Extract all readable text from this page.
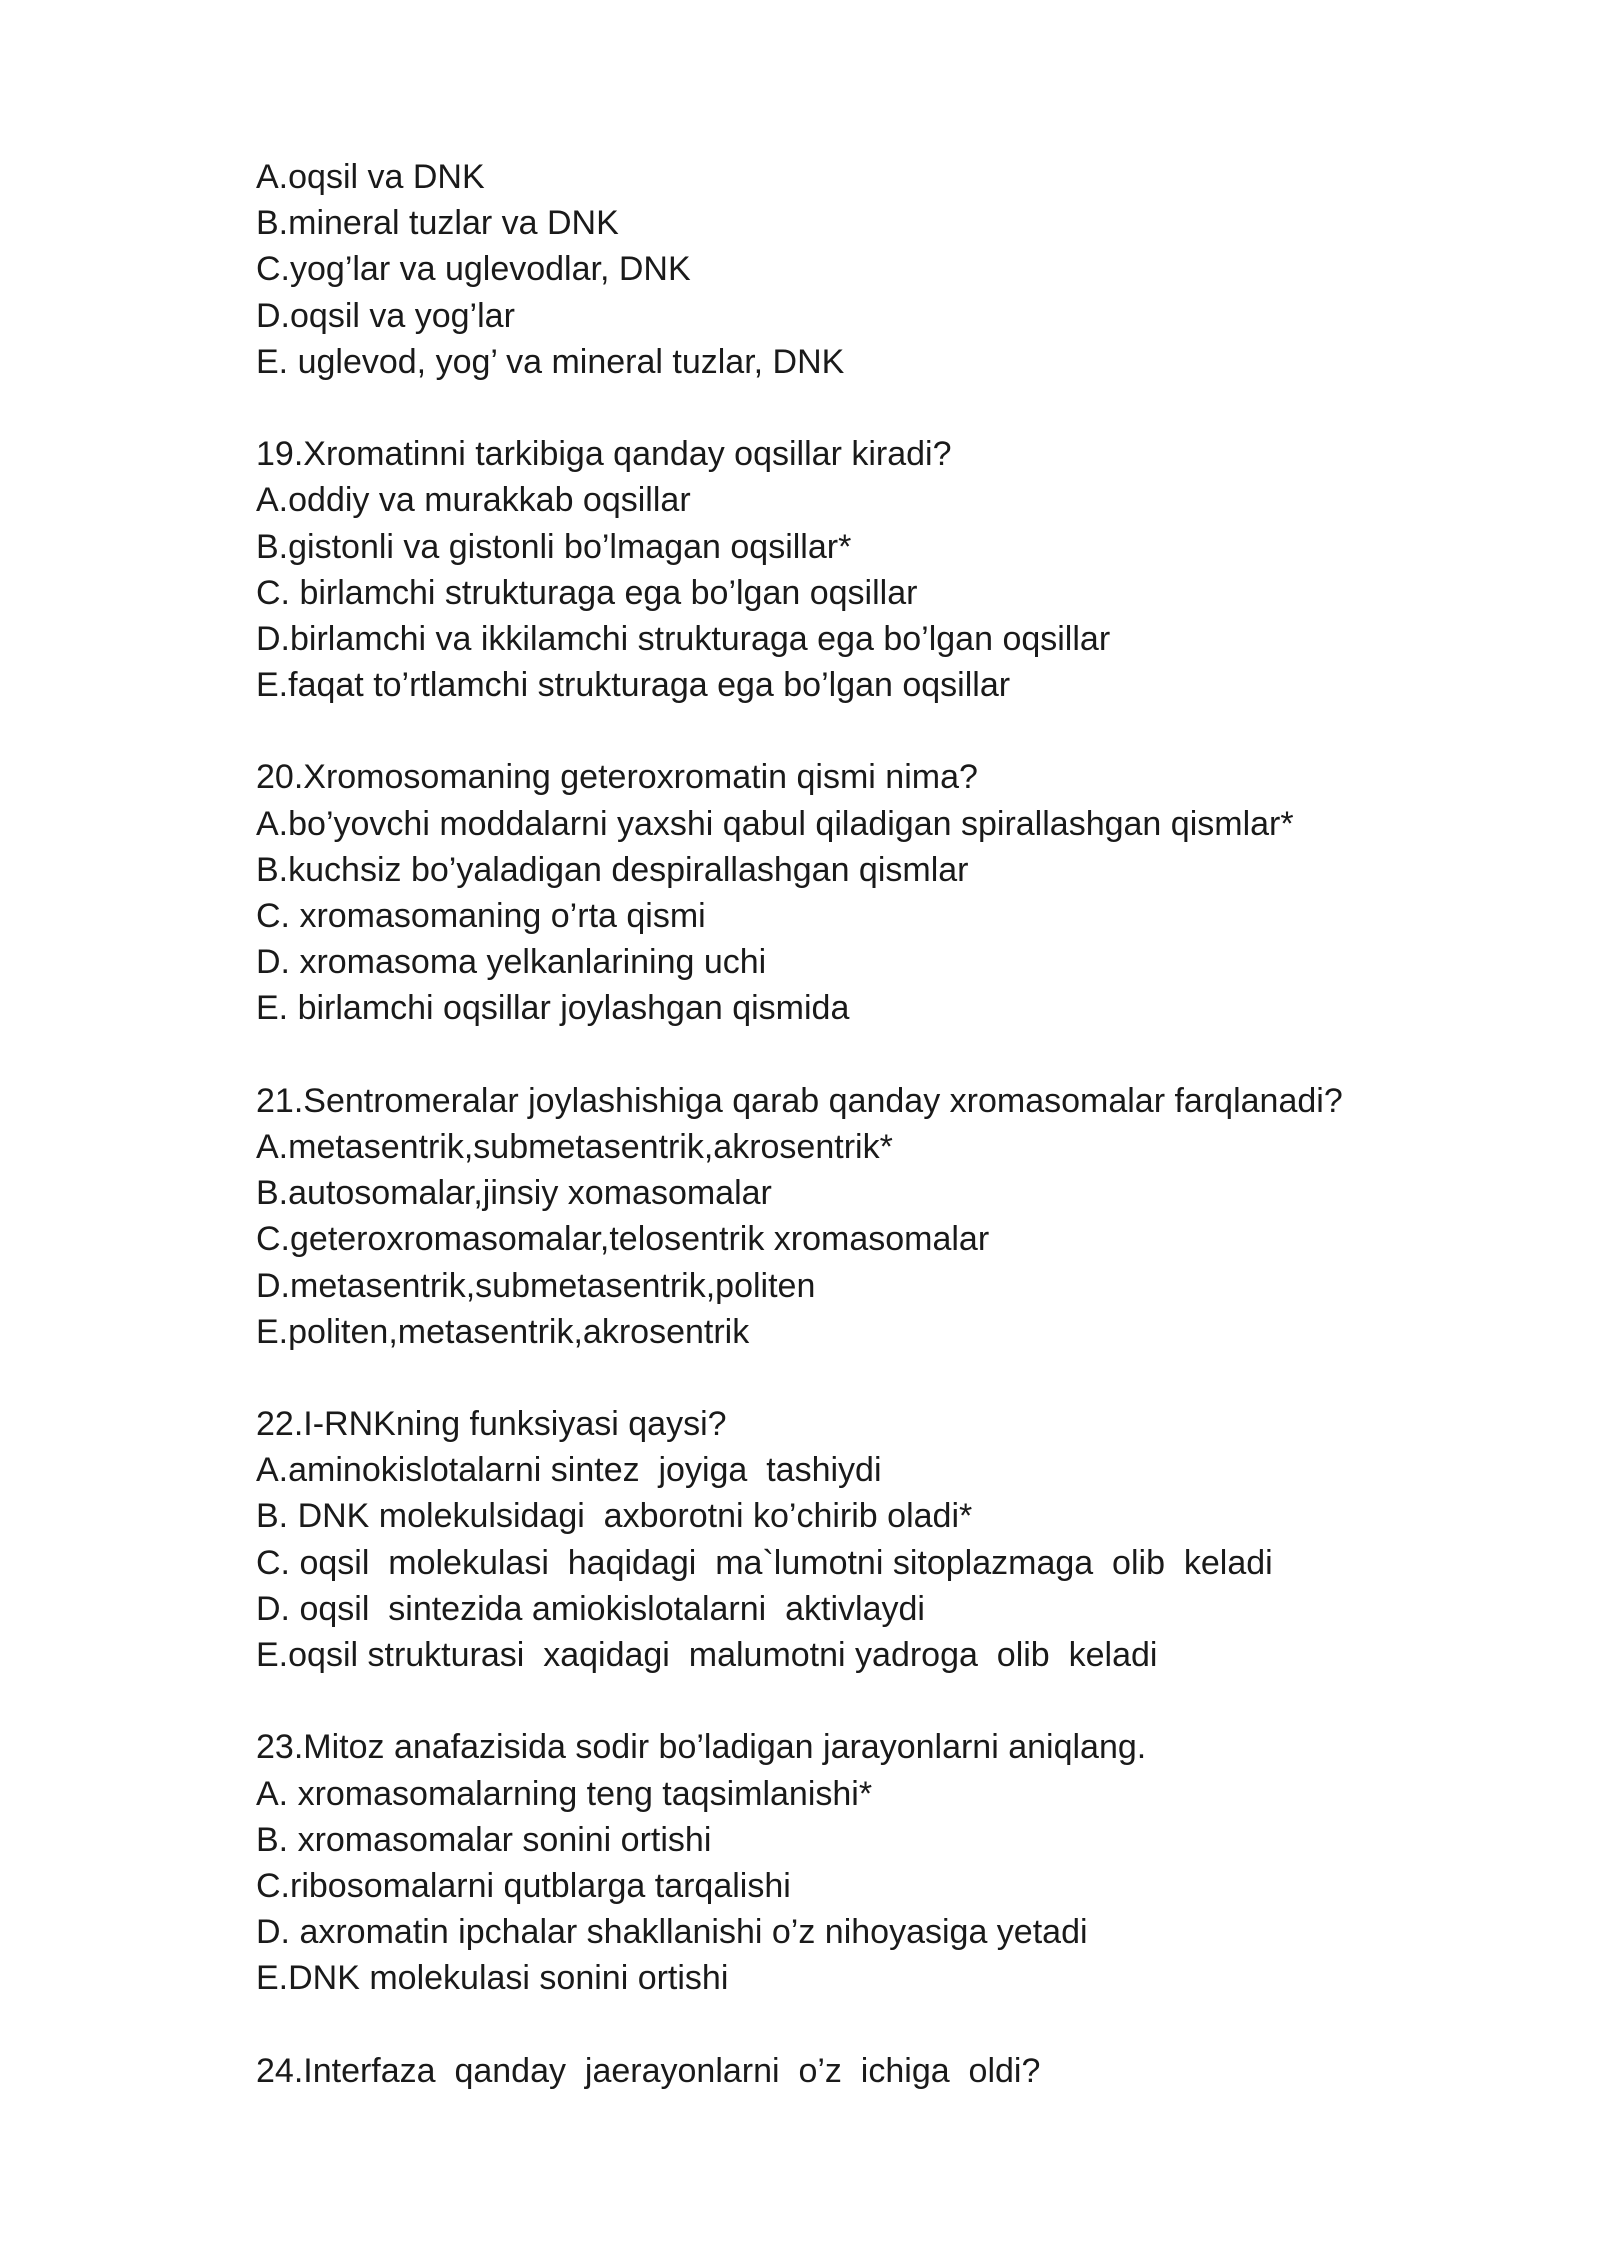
A.oqsil va DNK
B.mineral tuzlar va DNK
C.yog’lar va uglevodlar, DNK
D.oqsil va yog’lar
E. uglevod, yog’ va mineral tuzlar, DNK
19.Xromatinni tarkibiga qanday oqsillar kiradi?
A.oddiy va murakkab oqsillar
B.gistonli va gistonli bo’lmagan oqsillar*
C. birlamchi strukturaga ega bo’lgan oqsillar
D.birlamchi va ikkilamchi strukturaga ega bo’lgan oqsillar
E.faqat to’rtlamchi strukturaga ega bo’lgan oqsillar
20.Xromosomaning geteroxromatin qismi nima?
A.bo’yovchi moddalarni yaxshi qabul qiladigan spirallashgan qismlar*
B.kuchsiz bo’yaladigan despirallashgan qismlar
C. xromasomaning o’rta qismi
D. xromasoma yelkanlarining uchi
E. birlamchi oqsillar joylashgan qismida
21.Sentromeralar joylashishiga qarab qanday xromasomalar farqlanadi?
A.metasentrik,submetasentrik,akrosentrik*
B.autosomalar,jinsiy xomasomalar
C.geteroxromasomalar,telosentrik xromasomalar
D.metasentrik,submetasentrik,politen
E.politen,metasentrik,akrosentrik
22.I-RNKning funksiyasi qaysi?
A.aminokislotalarni sintez  joyiga  tashiydi
B. DNK molekulsidagi  axborotni ko’chirib oladi*
C. oqsil  molekulasi  haqidagi  ma`lumotni sitoplazmaga  olib  keladi
D. oqsil  sintezida amiokislotalarni  aktivlaydi
E.oqsil strukturasi  xaqidagi  malumotni yadroga  olib  keladi
23.Mitoz anafazisida sodir bo’ladigan jarayonlarni aniqlang.
A. xromasomalarning teng taqsimlanishi*
B. xromasomalar sonini ortishi
C.ribosomalarni qutblarga tarqalishi
D. axromatin ipchalar shakllanishi o’z nihoyasiga yetadi
E.DNK molekulasi sonini ortishi
24.Interfaza  qanday  jaerayonlarni  o’z  ichiga  oldi?
